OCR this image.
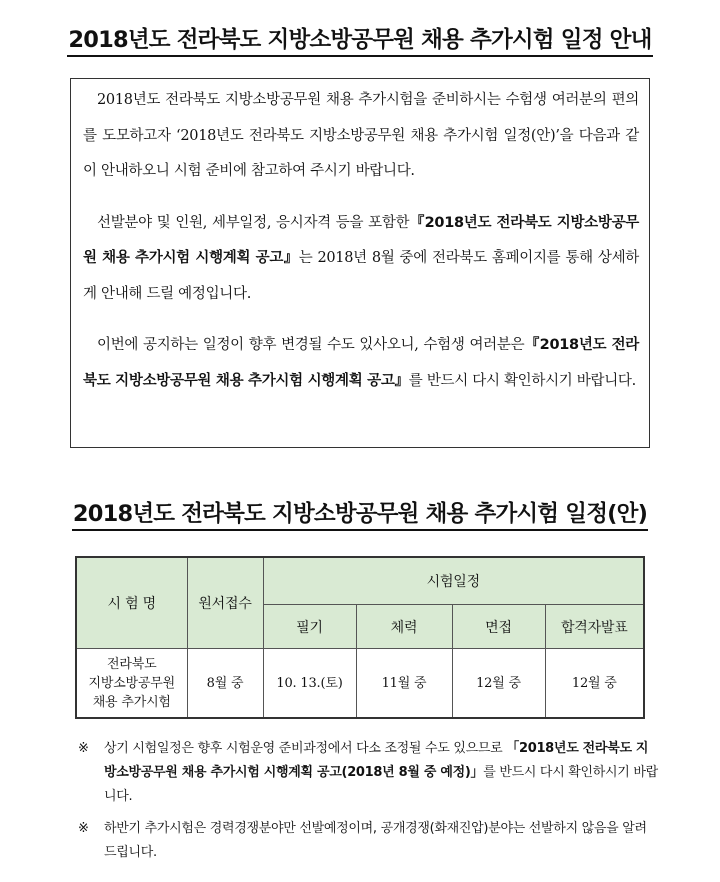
2018년도 전라북도 지방소방공무원 채용 추가시험 일정 안내

2018년도 전라북도 지방소방공무원 채용 추가시험을 준비하시는 수험생 여러분의 편의를 도모하고자 ‘2018년도 전라북도 지방소방공무원 채용 추가시험 일정(안)’을 다음과 같이 안내하오니 시험 준비에 참고하여 주시기 바랍니다.

선발분야 및 인원, 세부일정, 응시자격 등을 포함한『2018년도 전라북도 지방소방공무원 채용 추가시험 시행계획 공고』는 2018년 8월 중에 전라북도 홈페이지를 통해 상세하게 안내해 드릴 예정입니다.

이번에 공지하는 일정이 향후 변경될 수도 있사오니, 수험생 여러분은『2018년도 전라북도 지방소방공무원 채용 추가시험 시행계획 공고』를 반드시 다시 확인하시기 바랍니다.

2018년도 전라북도 지방소방공무원 채용 추가시험 일정(안)
시 험 명	원서접수	시험일정			
		필기	체력	면접	합격자발표

전라북도
지방소방공무원
채용 추가시험	8월 중	10. 13.(토)	11월 중	12월 중	12월 중
※ 상기 시험일정은 향후 시험운영 준비과정에서 다소 조정될 수도 있으므로 「2018년도 전라북도 지방소방공무원 채용 추가시험 시행계획 공고(2018년 8월 중 예정)」를 반드시 다시 확인하시기 바랍니다.
※ 하반기 추가시험은 경력경쟁분야만 선발예정이며, 공개경쟁(화재진압)분야는 선발하지 않음을 알려드립니다.
